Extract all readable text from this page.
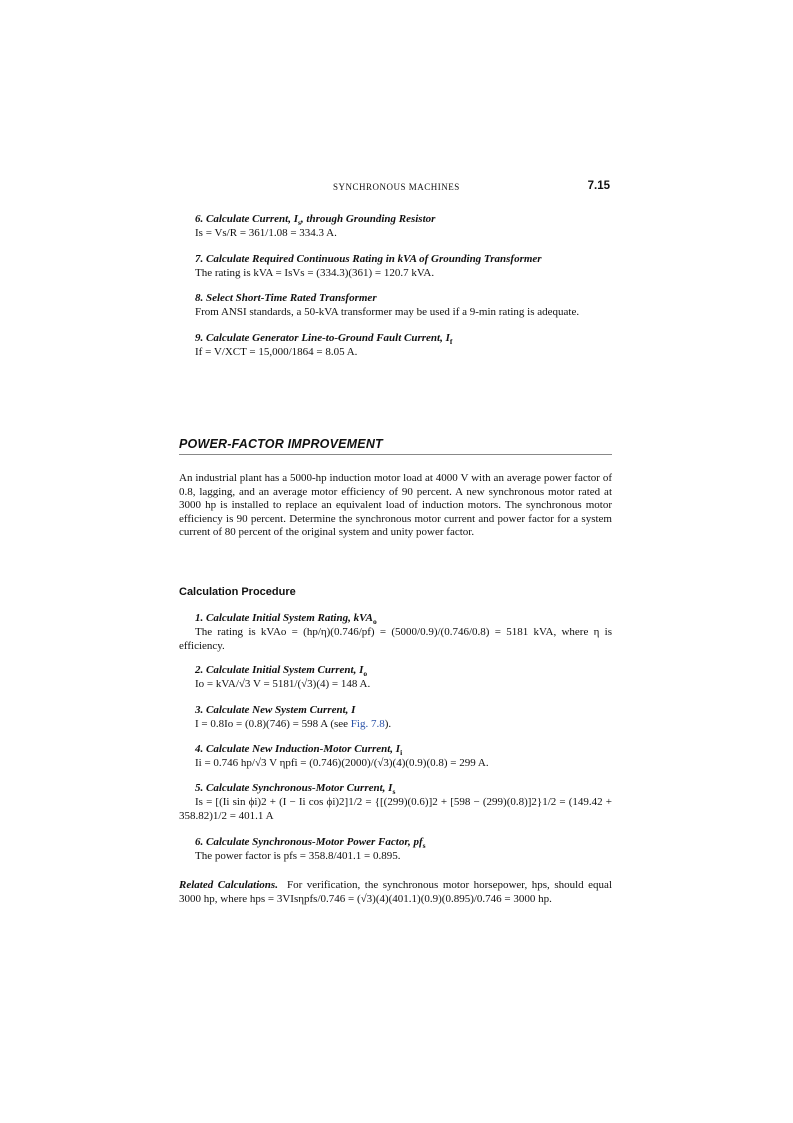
SYNCHRONOUS MACHINES	7.15
6. Calculate Current, $I_s$, through Grounding Resistor
Is = Vs/R = 361/1.08 = 334.3 A.
7. Calculate Required Continuous Rating in kVA of Grounding Transformer
The rating is kVA = IsVs = (334.3)(361) = 120.7 kVA.
8. Select Short-Time Rated Transformer
From ANSI standards, a 50-kVA transformer may be used if a 9-min rating is adequate.
9. Calculate Generator Line-to-Ground Fault Current, $I_f$
If = V/XCT = 15,000/1864 = 8.05 A.
POWER-FACTOR IMPROVEMENT
An industrial plant has a 5000-hp induction motor load at 4000 V with an average power factor of 0.8, lagging, and an average motor efficiency of 90 percent. A new synchronous motor rated at 3000 hp is installed to replace an equivalent load of induction motors. The synchronous motor efficiency is 90 percent. Determine the synchronous motor current and power factor for a system current of 80 percent of the original system and unity power factor.
Calculation Procedure
1. Calculate Initial System Rating, kVA$_o$
The rating is kVAo = (hp/η)(0.746/pf) = (5000/0.9)/(0.746/0.8) = 5181 kVA, where η is efficiency.
2. Calculate Initial System Current, $I_o$
Io = kVA/√3 V = 5181/(√3)(4) = 148 A.
3. Calculate New System Current, I
I = 0.8Io = (0.8)(746) = 598 A (see Fig. 7.8).
4. Calculate New Induction-Motor Current, $I_i$
Ii = 0.746 hp/√3 V ηpfi = (0.746)(2000)/(√3)(4)(0.9)(0.8) = 299 A.
5. Calculate Synchronous-Motor Current, $I_s$
Is = [(Ii sin ϕi)2 + (I − Ii cos ϕi)2]1/2 = {[(299)(0.6)]2 + [598 − (299)(0.8)]2}1/2 = (149.42 + 358.82)1/2 = 401.1 A
6. Calculate Synchronous-Motor Power Factor, $pf_s$
The power factor is pfs = 358.8/401.1 = 0.895.
Related Calculations. For verification, the synchronous motor horsepower, hps, should equal 3000 hp, where hps = 3VIsηpfs/0.746 = (√3)(4)(401.1)(0.9)(0.895)/0.746 = 3000 hp.
